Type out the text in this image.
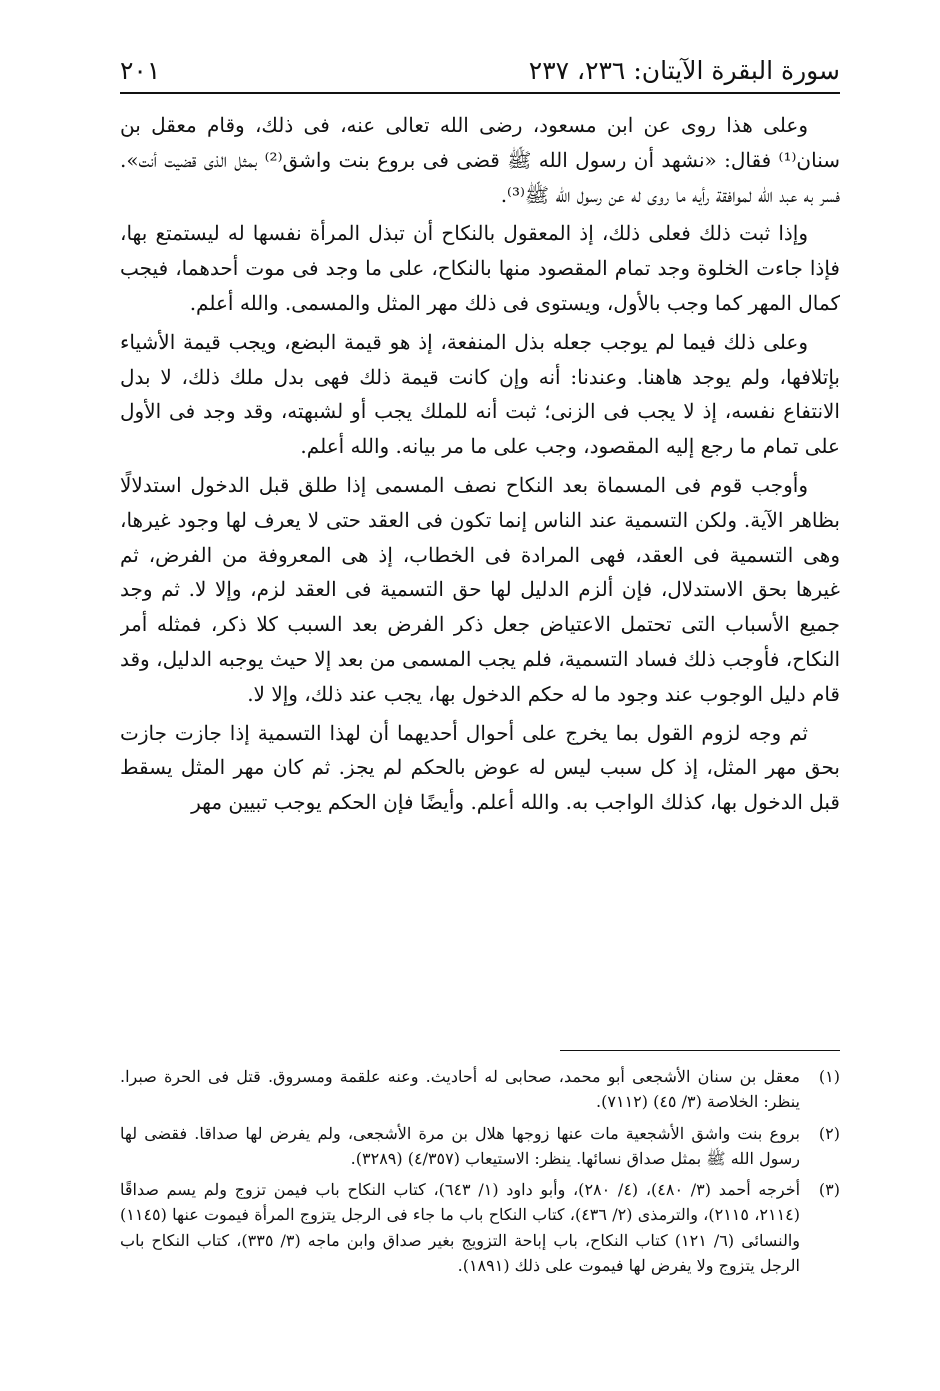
سورة البقرة الآيتان: ٢٣٦، ٢٣٧
٢٠١

وعلى هذا روى عن ابن مسعود، رضى الله تعالى عنه، فى ذلك، وقام معقل بن سنان⁽¹⁾ فقال: «نشهد أن رسول الله ﷺ قضى فى بروع بنت واشق⁽²⁾ بمثل الذى قضيت أنت». فسر به عبد الله لموافقة رأيه ما روى له عن رسول الله ﷺ⁽³⁾.

وإذا ثبت ذلك فعلى ذلك، إذ المعقول بالنكاح أن تبذل المرأة نفسها له ليستمتع بها، فإذا جاءت الخلوة وجد تمام المقصود منها بالنكاح، على ما وجد فى موت أحدهما، فيجب كمال المهر كما وجب بالأول، ويستوى فى ذلك مهر المثل والمسمى. والله أعلم.

وعلى ذلك فيما لم يوجب جعله بذل المنفعة، إذ هو قيمة البضع، ويجب قيمة الأشياء بإتلافها، ولم يوجد هاهنا. وعندنا: أنه وإن كانت قيمة ذلك فهى بدل ملك ذلك، لا بدل الانتفاع نفسه، إذ لا يجب فى الزنى؛ ثبت أنه للملك يجب أو لشبهته، وقد وجد فى الأول على تمام ما رجع إليه المقصود، وجب على ما مر بيانه. والله أعلم.

وأوجب قوم فى المسماة بعد النكاح نصف المسمى إذا طلق قبل الدخول استدلالًا بظاهر الآية. ولكن التسمية عند الناس إنما تكون فى العقد حتى لا يعرف لها وجود غيرها، وهى التسمية فى العقد، فهى المرادة فى الخطاب، إذ هى المعروفة من الفرض، ثم غيرها بحق الاستدلال، فإن ألزم الدليل لها حق التسمية فى العقد لزم، وإلا لا. ثم وجد جميع الأسباب التى تحتمل الاعتياض جعل ذكر الفرض بعد السبب كلا ذكر، فمثله أمر النكاح، فأوجب ذلك فساد التسمية، فلم يجب المسمى من بعد إلا حيث يوجبه الدليل، وقد قام دليل الوجوب عند وجود ما له حكم الدخول بها، يجب عند ذلك، وإلا لا.

ثم وجه لزوم القول بما يخرج على أحوال أحديهما أن لهذا التسمية إذا جازت جازت بحق مهر المثل، إذ كل سبب ليس له عوض بالحكم لم يجز. ثم كان مهر المثل يسقط قبل الدخول بها، كذلك الواجب به. والله أعلم. وأيضًا فإن الحكم يوجب تبيين مهر

(١)
معقل بن سنان الأشجعى أبو محمد، صحابى له أحاديث. وعنه علقمة ومسروق. قتل فى الحرة صبرا. ينظر: الخلاصة (٣/ ٤٥) (٧١١٢).
(٢)
بروع بنت واشق الأشجعية مات عنها زوجها هلال بن مرة الأشجعى، ولم يفرض لها صداقا. فقضى لها رسول الله ﷺ بمثل صداق نسائها. ينظر: الاستيعاب (٤/٣٥٧) (٣٢٨٩).
(٣)
أخرجه أحمد (٣/ ٤٨٠)، (٤/ ٢٨٠)، وأبو داود (١/ ٦٤٣)، كتاب النكاح باب فيمن تزوج ولم يسم صداقًا (٢١١٤، ٢١١٥)، والترمذى (٢/ ٤٣٦)، كتاب النكاح باب ما جاء فى الرجل يتزوج المرأة فيموت عنها (١١٤٥) والنسائى (٦/ ١٢١) كتاب النكاح، باب إباحة التزويج بغير صداق وابن ماجه (٣/ ٣٣٥)، كتاب النكاح باب الرجل يتزوج ولا يفرض لها فيموت على ذلك (١٨٩١).
